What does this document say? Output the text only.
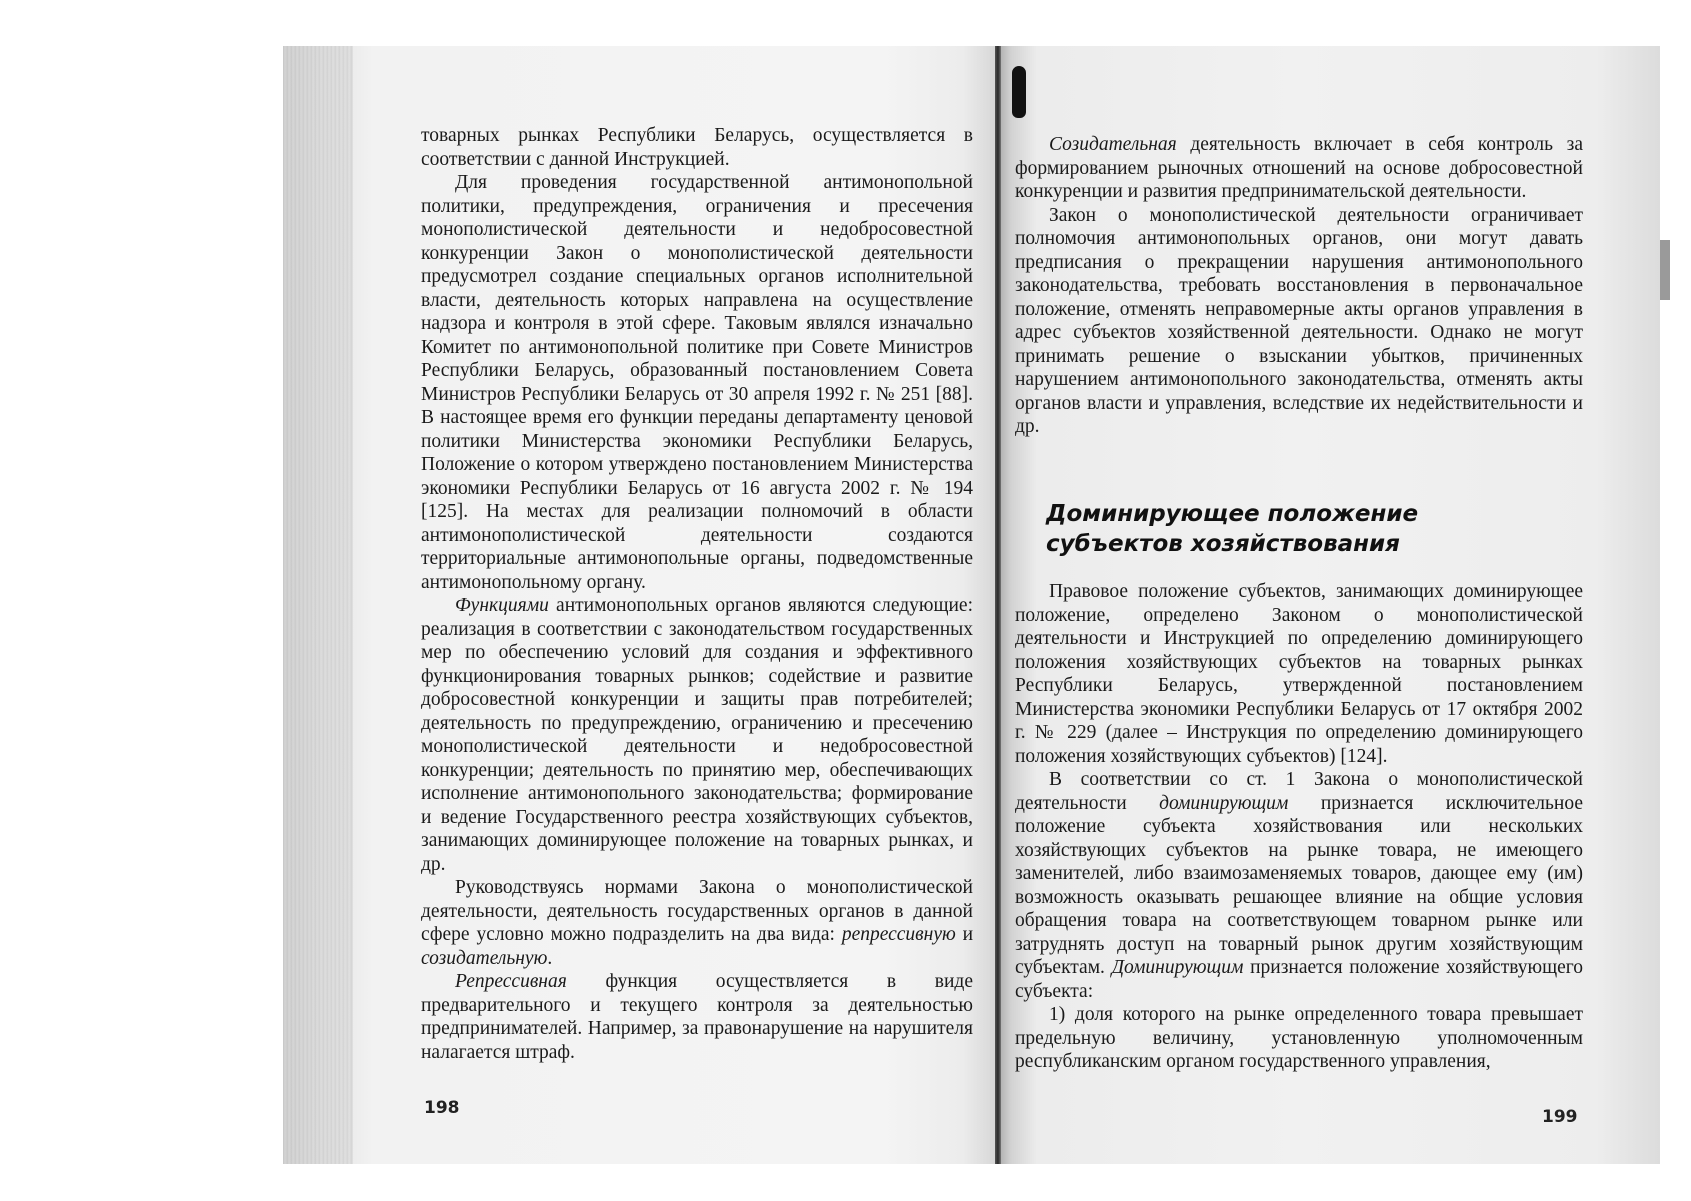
товарных рынках Республики Беларусь, осуществляется в соответствии с данной Инструкцией.

Для проведения государственной антимонопольной политики, предупреждения, ограничения и пресечения монополистической деятельности и недобросовестной конкуренции Закон о монополистической деятельности предусмотрел создание специальных органов исполнительной власти, деятельность которых направлена на осуществление надзора и контроля в этой сфере. Таковым являлся изначально Комитет по антимонопольной политике при Совете Министров Республики Беларусь, образованный постановлением Совета Министров Республики Беларусь от 30 апреля 1992 г. № 251 [88]. В настоящее время его функции переданы департаменту ценовой политики Министерства экономики Республики Беларусь, Положение о котором утверждено постановлением Министерства экономики Республики Беларусь от 16 августа 2002 г. № 194 [125]. На местах для реализации полномочий в области антимонополистической деятельности создаются территориальные антимонопольные органы, подведомственные антимонопольному органу.

Функциями антимонопольных органов являются следующие: реализация в соответствии с законодательством государственных мер по обеспечению условий для создания и эффективного функционирования товарных рынков; содействие и развитие добросовестной конкуренции и защиты прав потребителей; деятельность по предупреждению, ограничению и пресечению монополистической деятельности и недобросовестной конкуренции; деятельность по принятию мер, обеспечивающих исполнение антимонопольного законодательства; формирование и ведение Государственного реестра хозяйствующих субъектов, занимающих доминирующее положение на товарных рынках, и др.

Руководствуясь нормами Закона о монополистической деятельности, деятельность государственных органов в данной сфере условно можно подразделить на два вида: репрессивную и созидательную.

Репрессивная функция осуществляется в виде предварительного и текущего контроля за деятельностью предпринимателей. Например, за правонарушение на нарушителя налагается штраф.

198

Созидательная деятельность включает в себя контроль за формированием рыночных отношений на основе добросовестной конкуренции и развития предпринимательской деятельности.

Закон о монополистической деятельности ограничивает полномочия антимонопольных органов, они могут давать предписания о прекращении нарушения антимонопольного законодательства, требовать восстановления в первоначальное положение, отменять неправомерные акты органов управления в адрес субъектов хозяйственной деятельности. Однако не могут принимать решение о взыскании убытков, причиненных нарушением антимонопольного законодательства, отменять акты органов власти и управления, вследствие их недействительности и др.

Доминирующее положение
субъектов хозяйствования

Правовое положение субъектов, занимающих доминирующее положение, определено Законом о монополистической деятельности и Инструкцией по определению доминирующего положения хозяйствующих субъектов на товарных рынках Республики Беларусь, утвержденной постановлением Министерства экономики Республики Беларусь от 17 октября 2002 г. № 229 (далее – Инструкция по определению доминирующего положения хозяйствующих субъектов) [124].

В соответствии со ст. 1 Закона о монополистической деятельности доминирующим признается исключительное положение субъекта хозяйствования или нескольких хозяйствующих субъектов на рынке товара, не имеющего заменителей, либо взаимозаменяемых товаров, дающее ему (им) возможность оказывать решающее влияние на общие условия обращения товара на соответствующем товарном рынке или затруднять доступ на товарный рынок другим хозяйствующим субъектам. Доминирующим признается положение хозяйствующего субъекта:

1) доля которого на рынке определенного товара превышает предельную величину, установленную уполномоченным республиканским органом государственного управления,

199
